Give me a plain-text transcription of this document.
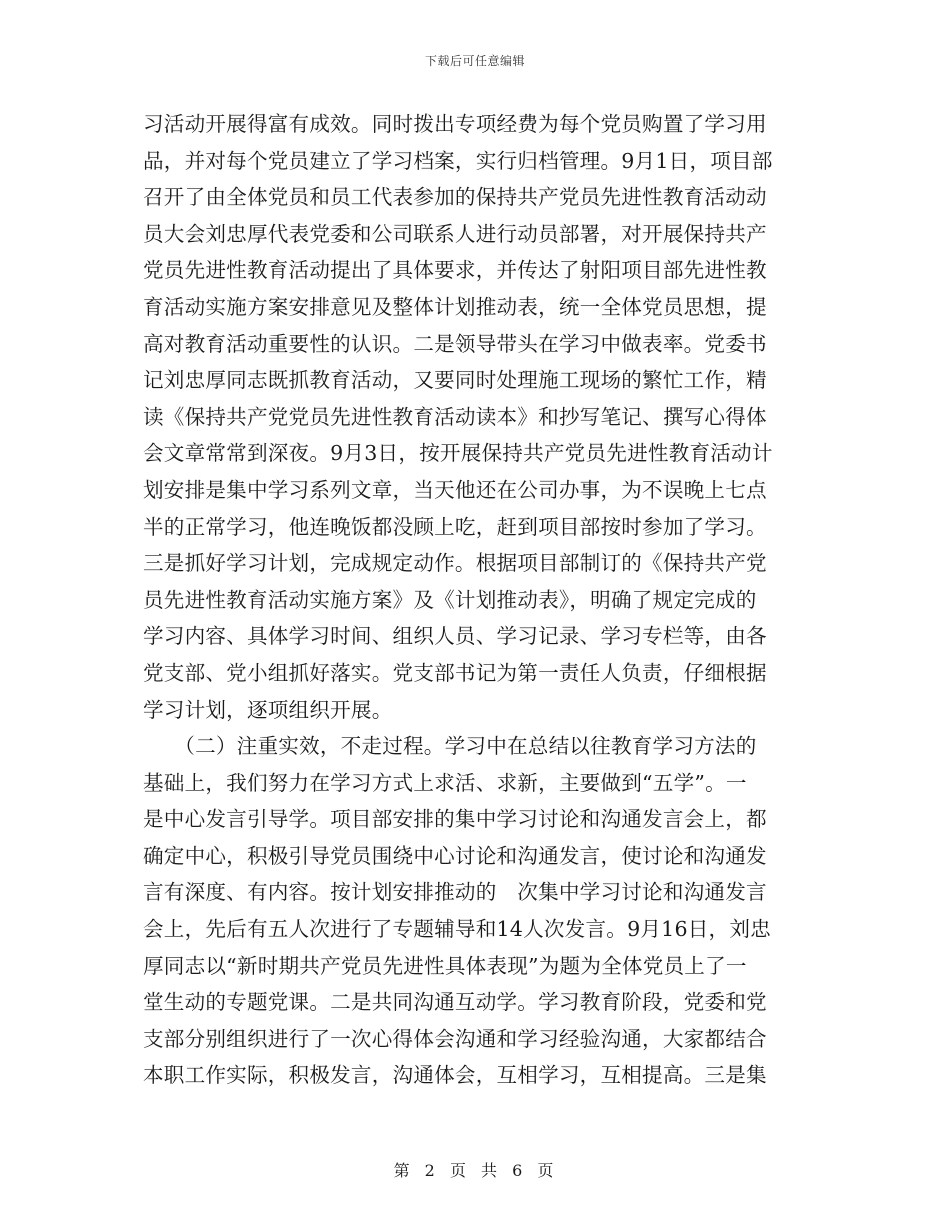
下载后可任意编辑
习活动开展得富有成效。同时拨出专项经费为每个党员购置了学习用
品，并对每个党员建立了学习档案，实行归档管理。9月1日，项目部
召开了由全体党员和员工代表参加的保持共产党员先进性教育活动动
员大会刘忠厚代表党委和公司联系人进行动员部署，对开展保持共产
党员先进性教育活动提出了具体要求，并传达了射阳项目部先进性教
育活动实施方案安排意见及整体计划推动表，统一全体党员思想，提
高对教育活动重要性的认识。二是领导带头在学习中做表率。党委书
记刘忠厚同志既抓教育活动，又要同时处理施工现场的繁忙工作，精
读《保持共产党党员先进性教育活动读本》和抄写笔记、撰写心得体
会文章常常到深夜。9月3日，按开展保持共产党员先进性教育活动计
划安排是集中学习系列文章，当天他还在公司办事，为不误晚上七点
半的正常学习，他连晚饭都没顾上吃，赶到项目部按时参加了学习。
三是抓好学习计划，完成规定动作。根据项目部制订的《保持共产党
员先进性教育活动实施方案》及《计划推动表》，明确了规定完成的
学习内容、具体学习时间、组织人员、学习记录、学习专栏等，由各
党支部、党小组抓好落实。党支部书记为第一责任人负责，仔细根据
学习计划，逐项组织开展。
　　（二）注重实效，不走过程。学习中在总结以往教育学习方法的
基础上，我们努力在学习方式上求活、求新，主要做到“五学”。一
是中心发言引导学。项目部安排的集中学习讨论和沟通发言会上，都
确定中心，积极引导党员围绕中心讨论和沟通发言，使讨论和沟通发
言有深度、有内容。按计划安排推动的　次集中学习讨论和沟通发言
会上，先后有五人次进行了专题辅导和14人次发言。9月16日，刘忠
厚同志以“新时期共产党员先进性具体表现”为题为全体党员上了一
堂生动的专题党课。二是共同沟通互动学。学习教育阶段，党委和党
支部分别组织进行了一次心得体会沟通和学习经验沟通，大家都结合
本职工作实际，积极发言，沟通体会，互相学习，互相提高。三是集
第 2 页 共 6 页
